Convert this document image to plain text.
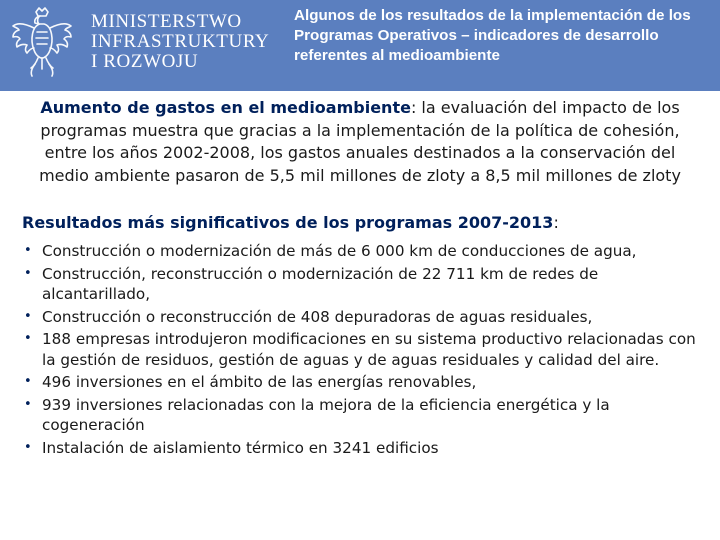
MINISTERSTWO
INFRASTRUKTURY
I ROZWOJU
Algunos de los resultados de la implementación de los Programas Operativos – indicadores de desarrollo referentes al medioambiente
Aumento de gastos en el medioambiente: la evaluación del impacto de los programas muestra que gracias a la implementación de la política de cohesión, entre los años 2002-2008, los gastos anuales destinados a la conservación del medio ambiente pasaron de 5,5 mil millones de zloty a 8,5 mil millones de zloty
Resultados más significativos de los programas 2007-2013:
• Construcción o modernización de más de 6 000 km de conducciones de agua,
• Construcción, reconstrucción o modernización de 22 711 km de redes de alcantarillado,
• Construcción o reconstrucción de 408 depuradoras de aguas residuales,
• 188 empresas introdujeron modificaciones en su sistema productivo relacionadas con la gestión de residuos, gestión de aguas y de aguas residuales y calidad del aire.
• 496 inversiones en el ámbito de las energías renovables,
• 939 inversiones relacionadas con la mejora de la eficiencia energética y la cogeneración
• Instalación de aislamiento térmico en 3241 edificios
